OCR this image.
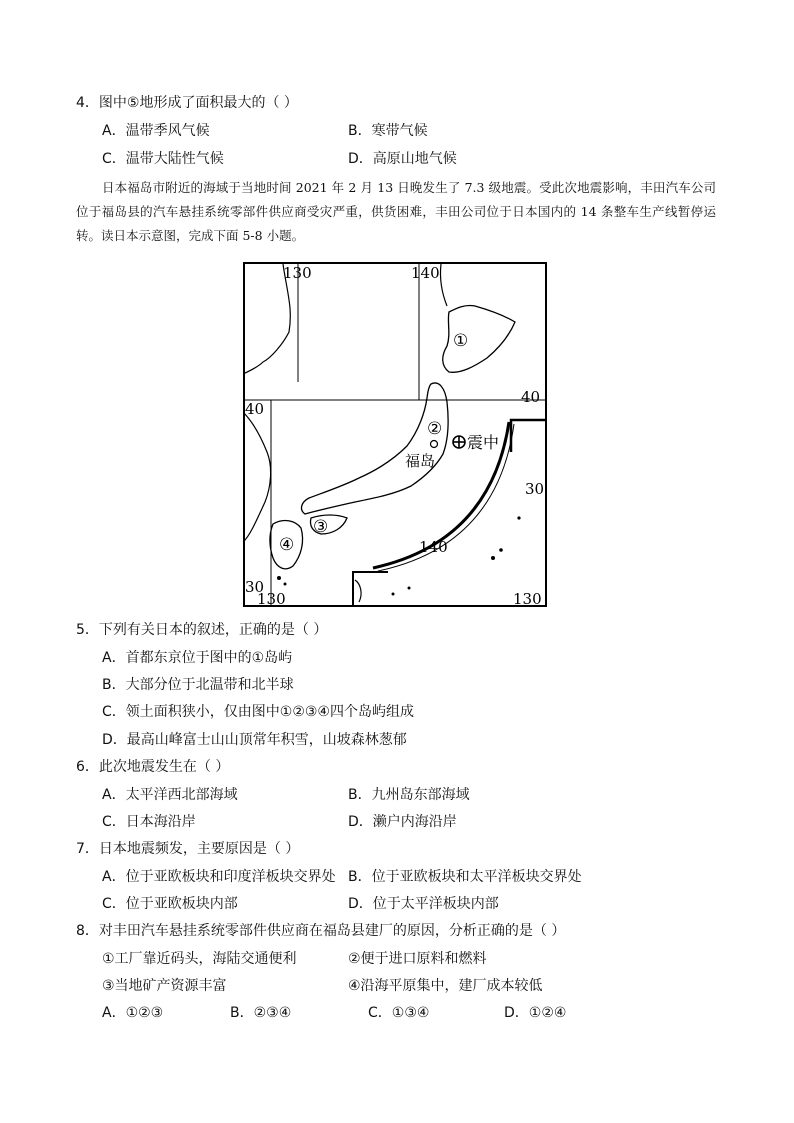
4．图中⑤地形成了面积最大的（ ）
A．温带季风气候	B．寒带气候
C．温带大陆性气候	D．高原山地气候
日本福岛市附近的海域于当地时间 2021 年 2 月 13 日晚发生了 7.3 级地震。受此次地震影响，丰田汽车公司位于福岛县的汽车悬挂系统零部件供应商受灾严重，供货困难，丰田公司位于日本国内的 14 条整车生产线暂停运转。读日本示意图，完成下面 5-8 小题。
130	140
140
130	130
40
40
30
30
①
②
③
④
震中
福岛
5．下列有关日本的叙述，正确的是（ ）
A．首都东京位于图中的①岛屿
B．大部分位于北温带和北半球
C．领土面积狭小，仅由图中①②③④四个岛屿组成
D．最高山峰富士山山顶常年积雪，山坡森林葱郁
6．此次地震发生在（ ）
A．太平洋西北部海域	B．九州岛东部海域
C．日本海沿岸	D．濑户内海沿岸
7．日本地震频发，主要原因是（ ）
A．位于亚欧板块和印度洋板块交界处 B．位于亚欧板块和太平洋板块交界处
C．位于亚欧板块内部	D．位于太平洋板块内部
8．对丰田汽车悬挂系统零部件供应商在福岛县建厂的原因，分析正确的是（ ）
①工厂靠近码头，海陆交通便利	②便于进口原料和燃料
③当地矿产资源丰富	④沿海平原集中，建厂成本较低
A．①②③	B．②③④	C．①③④	D．①②④
